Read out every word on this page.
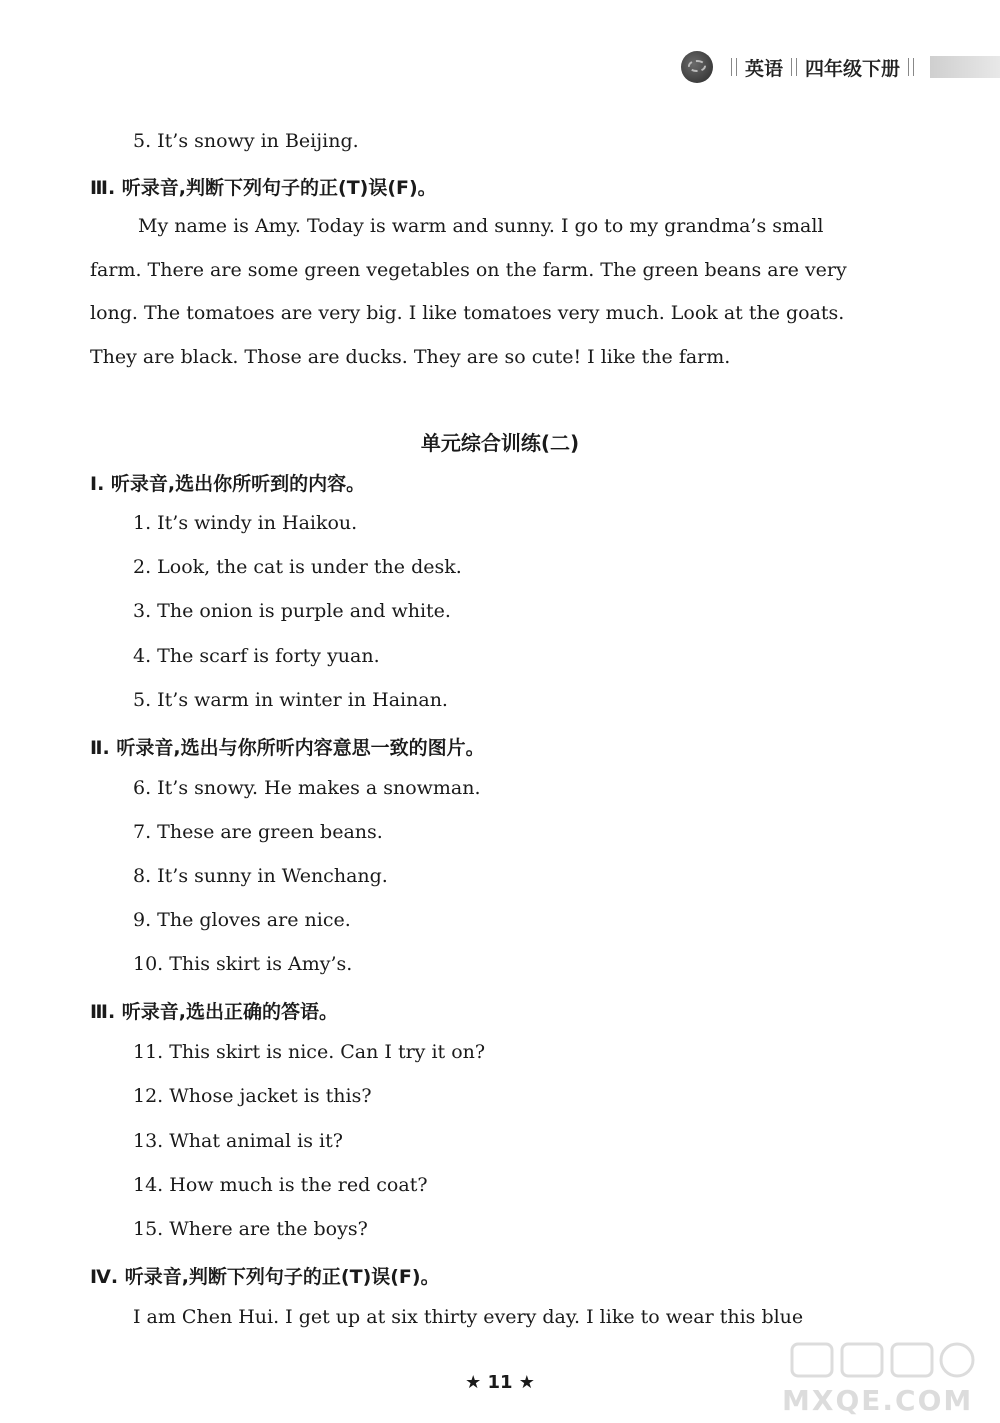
英语 四年级下册
5. It’s snowy in Beijing.
Ⅲ. 听录音,判断下列句子的正(T)误(F)。
My name is Amy. Today is warm and sunny. I go to my grandma’s small
farm. There are some green vegetables on the farm. The green beans are very
long. The tomatoes are very big. I like tomatoes very much. Look at the goats.
They are black. Those are ducks. They are so cute! I like the farm.
单元综合训练(二)
Ⅰ. 听录音,选出你所听到的内容。
1. It’s windy in Haikou.
2. Look, the cat is under the desk.
3. The onion is purple and white.
4. The scarf is forty yuan.
5. It’s warm in winter in Hainan.
Ⅱ. 听录音,选出与你所听内容意思一致的图片。
6. It’s snowy. He makes a snowman.
7. These are green beans.
8. It’s sunny in Wenchang.
9. The gloves are nice.
10. This skirt is Amy’s.
Ⅲ. 听录音,选出正确的答语。
11. This skirt is nice. Can I try it on?
12. Whose jacket is this?
13. What animal is it?
14. How much is the red coat?
15. Where are the boys?
Ⅳ. 听录音,判断下列句子的正(T)误(F)。
I am Chen Hui. I get up at six thirty every day. I like to wear this blue
★ 11 ★
MXQE.COM
